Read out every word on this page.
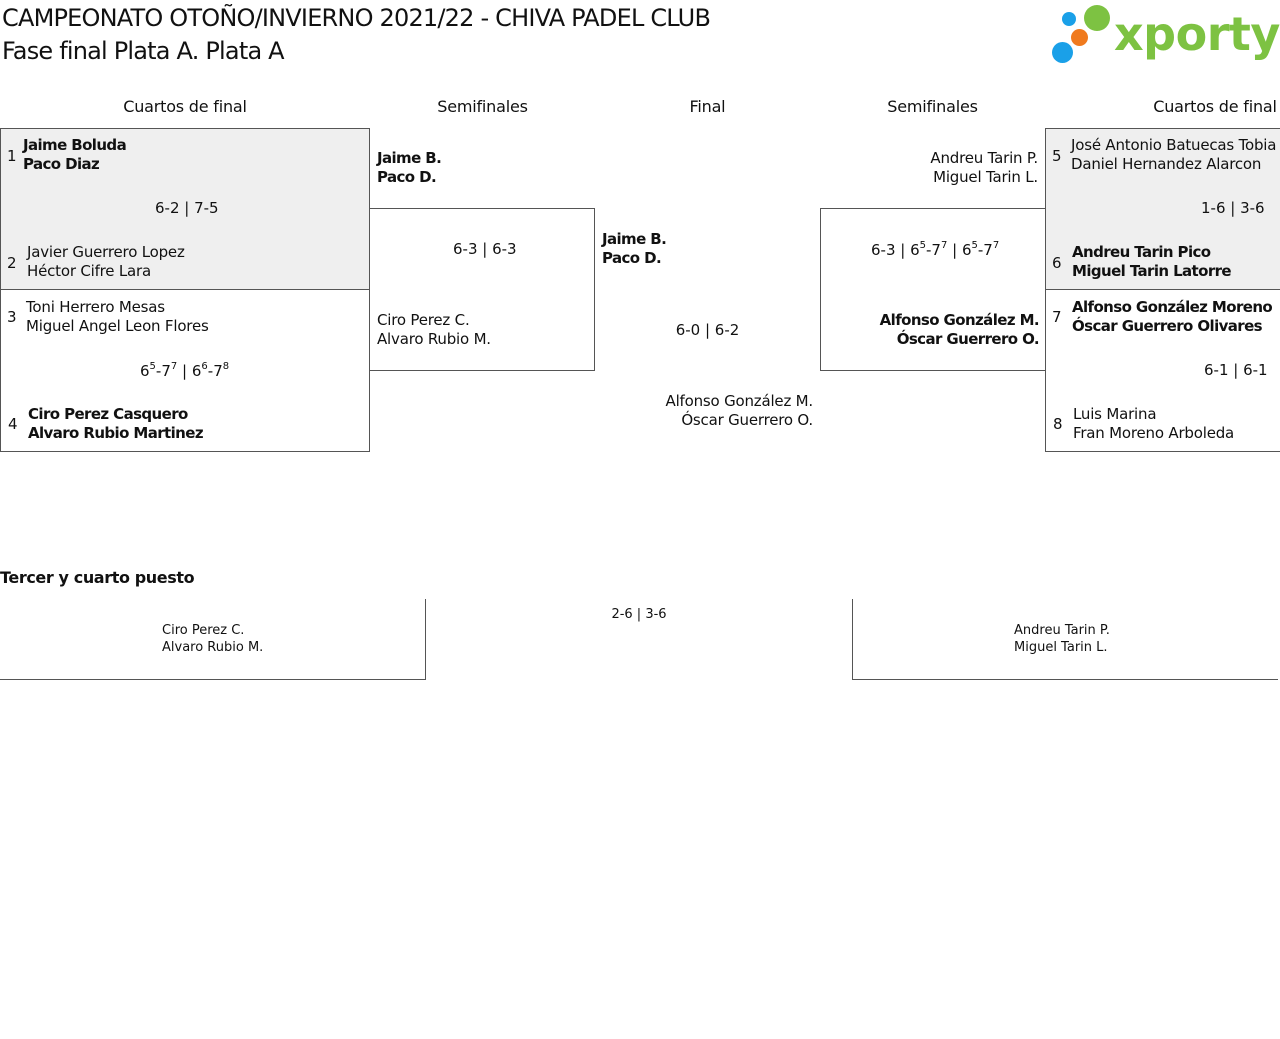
CAMPEONATO OTOÑO/INVIERNO 2021/22 - CHIVA PADEL CLUB
Fase final Plata A. Plata A	xporty
Cuartos de final	Semifinales	Final	Semifinales	Cuartos de final
1
Jaime Boluda
Paco Diaz
6-2 | 7-5
2
Javier Guerrero Lopez
Héctor Cifre Lara
3
Toni Herrero Mesas
Miguel Angel Leon Flores
$6^5-7^7$ | $6^6-7^8$
4
Ciro Perez Casquero
Alvaro Rubio Martinez
Jaime B.
Paco D.
6-3 | 6-3
Ciro Perez C.
Alvaro Rubio M.
Jaime B.
Paco D.
6-0 | 6-2
Alfonso González M.
Óscar Guerrero O.
Andreu Tarin P.
Miguel Tarin L.
6-3 | $6^5-7^7$ | $6^5-7^7$
Alfonso González M.
Óscar Guerrero O.
5
José Antonio Batuecas Tobia
Daniel Hernandez Alarcon
1-6 | 3-6
6
Andreu Tarin Pico
Miguel Tarin Latorre
7
Alfonso González Moreno
Óscar Guerrero Olivares
6-1 | 6-1
8
Luis Marina
Fran Moreno Arboleda
Tercer y cuarto puesto
Ciro Perez C.
Alvaro Rubio M.
2-6 | 3-6
Andreu Tarin P.
Miguel Tarin L.
